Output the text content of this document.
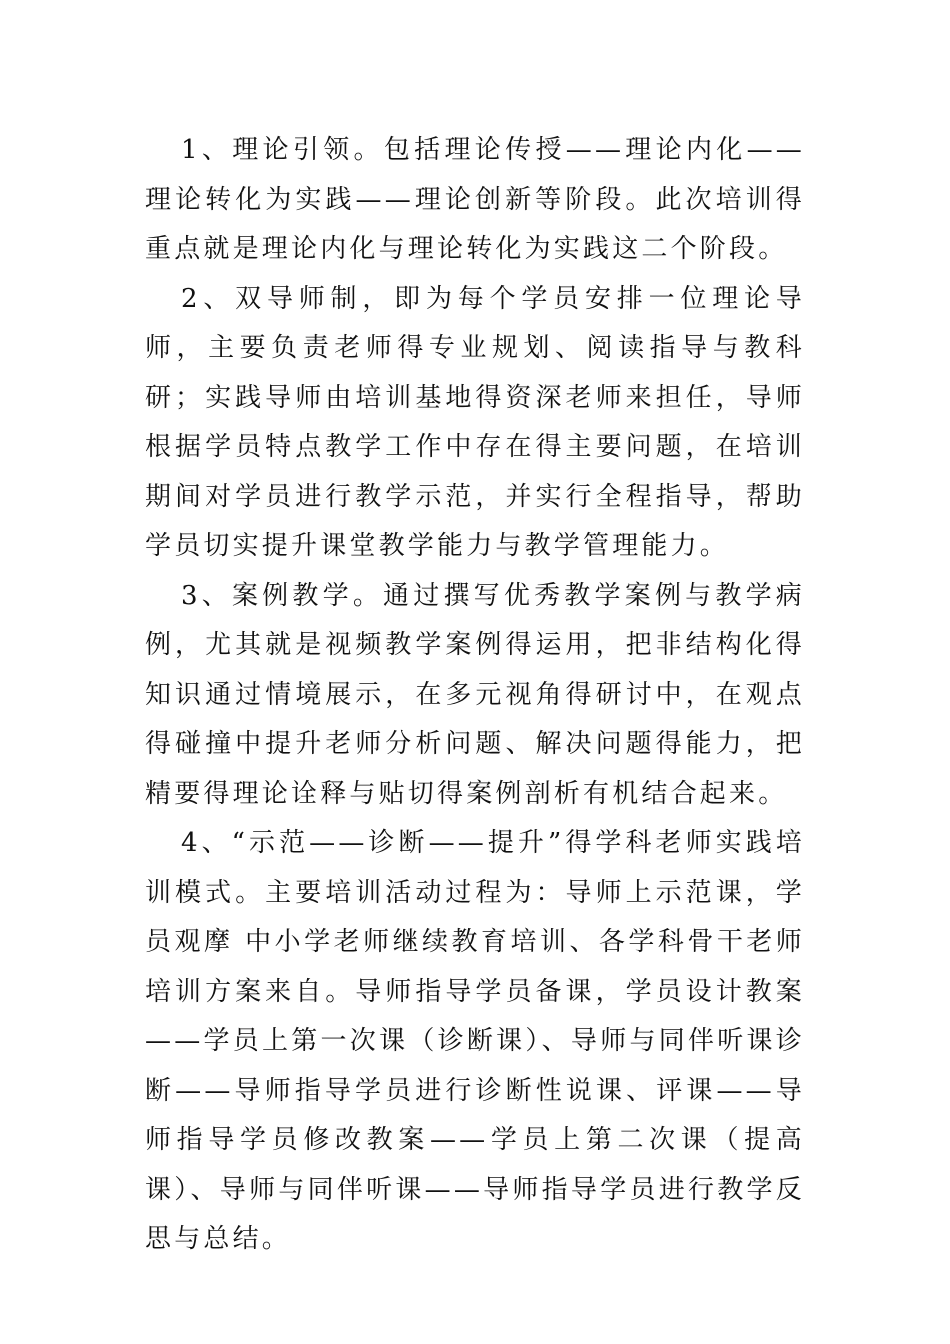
1、理论引领。包括理论传授——理论内化——理论转化为实践——理论创新等阶段。此次培训得重点就是理论内化与理论转化为实践这二个阶段。

2、双导师制，即为每个学员安排一位理论导师，主要负责老师得专业规划、阅读指导与教科研；实践导师由培训基地得资深老师来担任，导师根据学员特点教学工作中存在得主要问题，在培训期间对学员进行教学示范，并实行全程指导，帮助学员切实提升课堂教学能力与教学管理能力。

3、案例教学。通过撰写优秀教学案例与教学病例，尤其就是视频教学案例得运用，把非结构化得知识通过情境展示，在多元视角得研讨中，在观点得碰撞中提升老师分析问题、解决问题得能力，把精要得理论诠释与贴切得案例剖析有机结合起来。

4、“示范——诊断——提升”得学科老师实践培训模式。主要培训活动过程为：导师上示范课，学员观摩 中小学老师继续教育培训、各学科骨干老师培训方案来自。导师指导学员备课，学员设计教案——学员上第一次课（诊断课）、导师与同伴听课诊断——导师指导学员进行诊断性说课、评课——导师指导学员修改教案——学员上第二次课（提高课）、导师与同伴听课——导师指导学员进行教学反思与总结。
